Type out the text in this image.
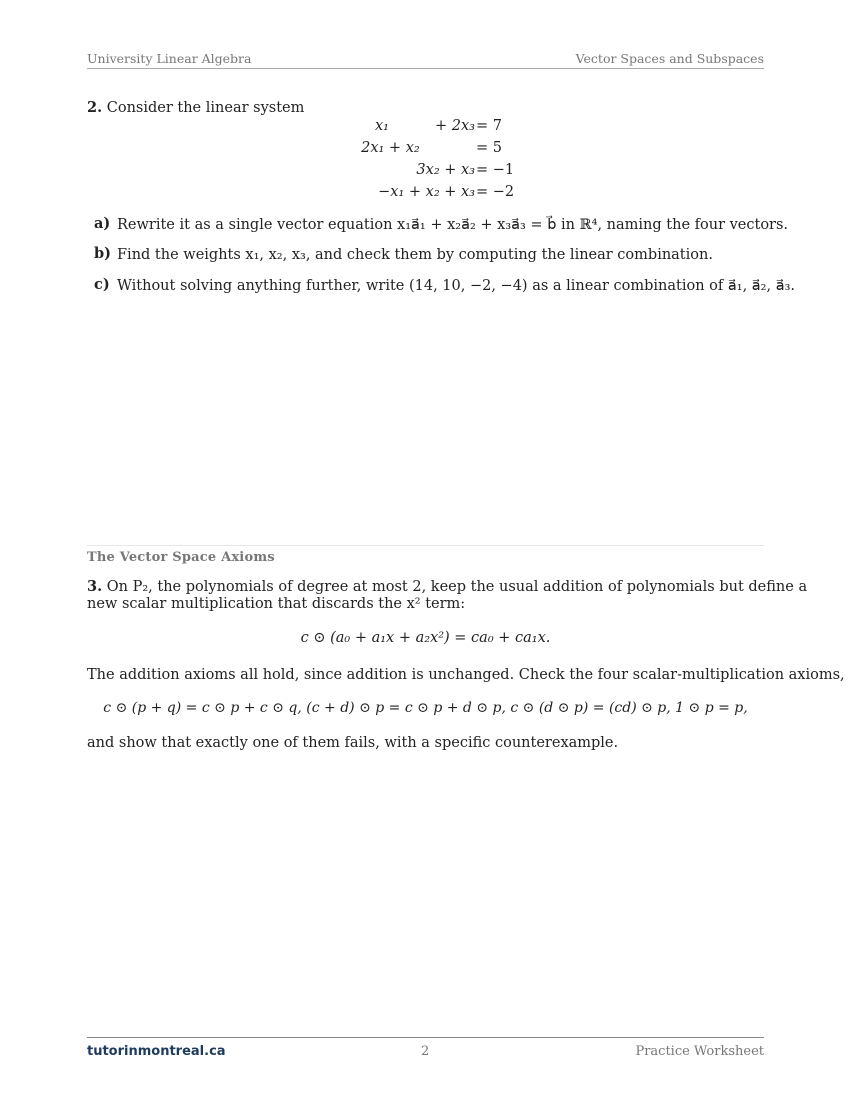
University Linear Algebra	Vector Spaces and Subspaces
2. Consider the linear system
x₁          + 2x₃ = 7
2x₁ + x₂ = 5
3x₂ + x₃ = −1
−x₁ + x₂ + x₃ = −2
a) Rewrite it as a single vector equation x₁a⃗₁ + x₂a⃗₂ + x₃a⃗₃ = b⃗ in ℝ⁴, naming the four vectors.
b) Find the weights x₁, x₂, x₃, and check them by computing the linear combination.
c) Without solving anything further, write (14, 10, −2, −4) as a linear combination of a⃗₁, a⃗₂, a⃗₃.
The Vector Space Axioms
3. On P₂, the polynomials of degree at most 2, keep the usual addition of polynomials but define a
new scalar multiplication that discards the x² term:
c ⊙ (a₀ + a₁x + a₂x²) = ca₀ + ca₁x.
The addition axioms all hold, since addition is unchanged. Check the four scalar-multiplication axioms,
c ⊙ (p + q) = c ⊙ p + c ⊙ q, (c + d) ⊙ p = c ⊙ p + d ⊙ p, c ⊙ (d ⊙ p) = (cd) ⊙ p, 1 ⊙ p = p,
and show that exactly one of them fails, with a specific counterexample.
tutorinmontreal.ca	2	Practice Worksheet
